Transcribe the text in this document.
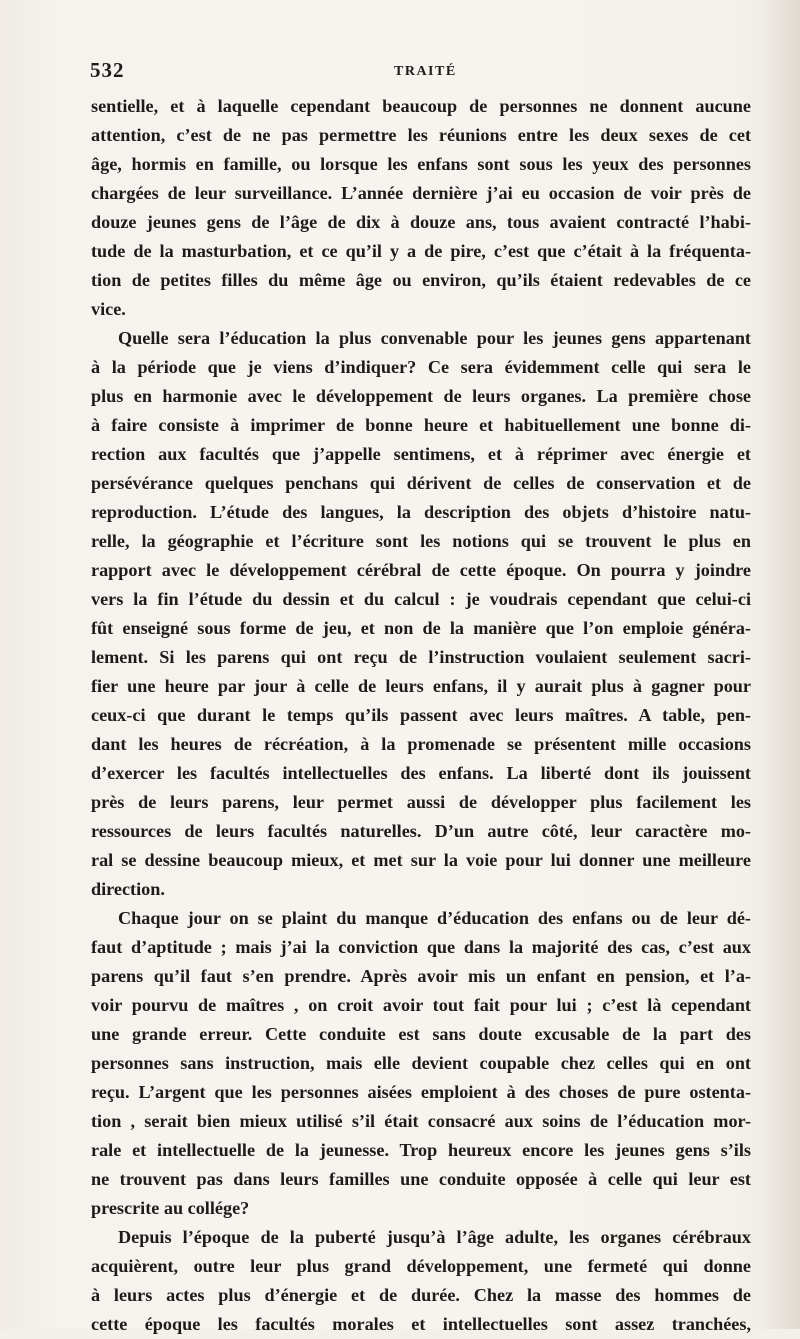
532	TRAITÉ
sentielle, et à laquelle cependant beaucoup de personnes ne donnent aucune
attention, c’est de ne pas permettre les réunions entre les deux sexes de cet
âge, hormis en famille, ou lorsque les enfans sont sous les yeux des personnes
chargées de leur surveillance. L’année dernière j’ai eu occasion de voir près de
douze jeunes gens de l’âge de dix à douze ans, tous avaient contracté l’habi-
tude de la masturbation, et ce qu’il y a de pire, c’est que c’était à la fréquenta-
tion de petites filles du même âge ou environ, qu’ils étaient redevables de ce
vice.
Quelle sera l’éducation la plus convenable pour les jeunes gens appartenant
à la période que je viens d’indiquer? Ce sera évidemment celle qui sera le
plus en harmonie avec le développement de leurs organes. La première chose
à faire consiste à imprimer de bonne heure et habituellement une bonne di-
rection aux facultés que j’appelle sentimens, et à réprimer avec énergie et
persévérance quelques penchans qui dérivent de celles de conservation et de
reproduction. L’étude des langues, la description des objets d’histoire natu-
relle, la géographie et l’écriture sont les notions qui se trouvent le plus en
rapport avec le développement cérébral de cette époque. On pourra y joindre
vers la fin l’étude du dessin et du calcul : je voudrais cependant que celui-ci
fût enseigné sous forme de jeu, et non de la manière que l’on emploie généra-
lement. Si les parens qui ont reçu de l’instruction voulaient seulement sacri-
fier une heure par jour à celle de leurs enfans, il y aurait plus à gagner pour
ceux-ci que durant le temps qu’ils passent avec leurs maîtres. A table, pen-
dant les heures de récréation, à la promenade se présentent mille occasions
d’exercer les facultés intellectuelles des enfans. La liberté dont ils jouissent
près de leurs parens, leur permet aussi de développer plus facilement les
ressources de leurs facultés naturelles. D’un autre côté, leur caractère mo-
ral se dessine beaucoup mieux, et met sur la voie pour lui donner une meilleure
direction.
Chaque jour on se plaint du manque d’éducation des enfans ou de leur dé-
faut d’aptitude ; mais j’ai la conviction que dans la majorité des cas, c’est aux
parens qu’il faut s’en prendre. Après avoir mis un enfant en pension, et l’a-
voir pourvu de maîtres , on croit avoir tout fait pour lui ; c’est là cependant
une grande erreur. Cette conduite est sans doute excusable de la part des
personnes sans instruction, mais elle devient coupable chez celles qui en ont
reçu. L’argent que les personnes aisées emploient à des choses de pure ostenta-
tion , serait bien mieux utilisé s’il était consacré aux soins de l’éducation mor-
rale et intellectuelle de la jeunesse. Trop heureux encore les jeunes gens s’ils
ne trouvent pas dans leurs familles une conduite opposée à celle qui leur est
prescrite au collége?
Depuis l’époque de la puberté jusqu’à l’âge adulte, les organes cérébraux
acquièrent, outre leur plus grand développement, une fermeté qui donne
à leurs actes plus d’énergie et de durée. Chez la masse des hommes de
cette époque les facultés morales et intellectuelles sont assez tranchées,
